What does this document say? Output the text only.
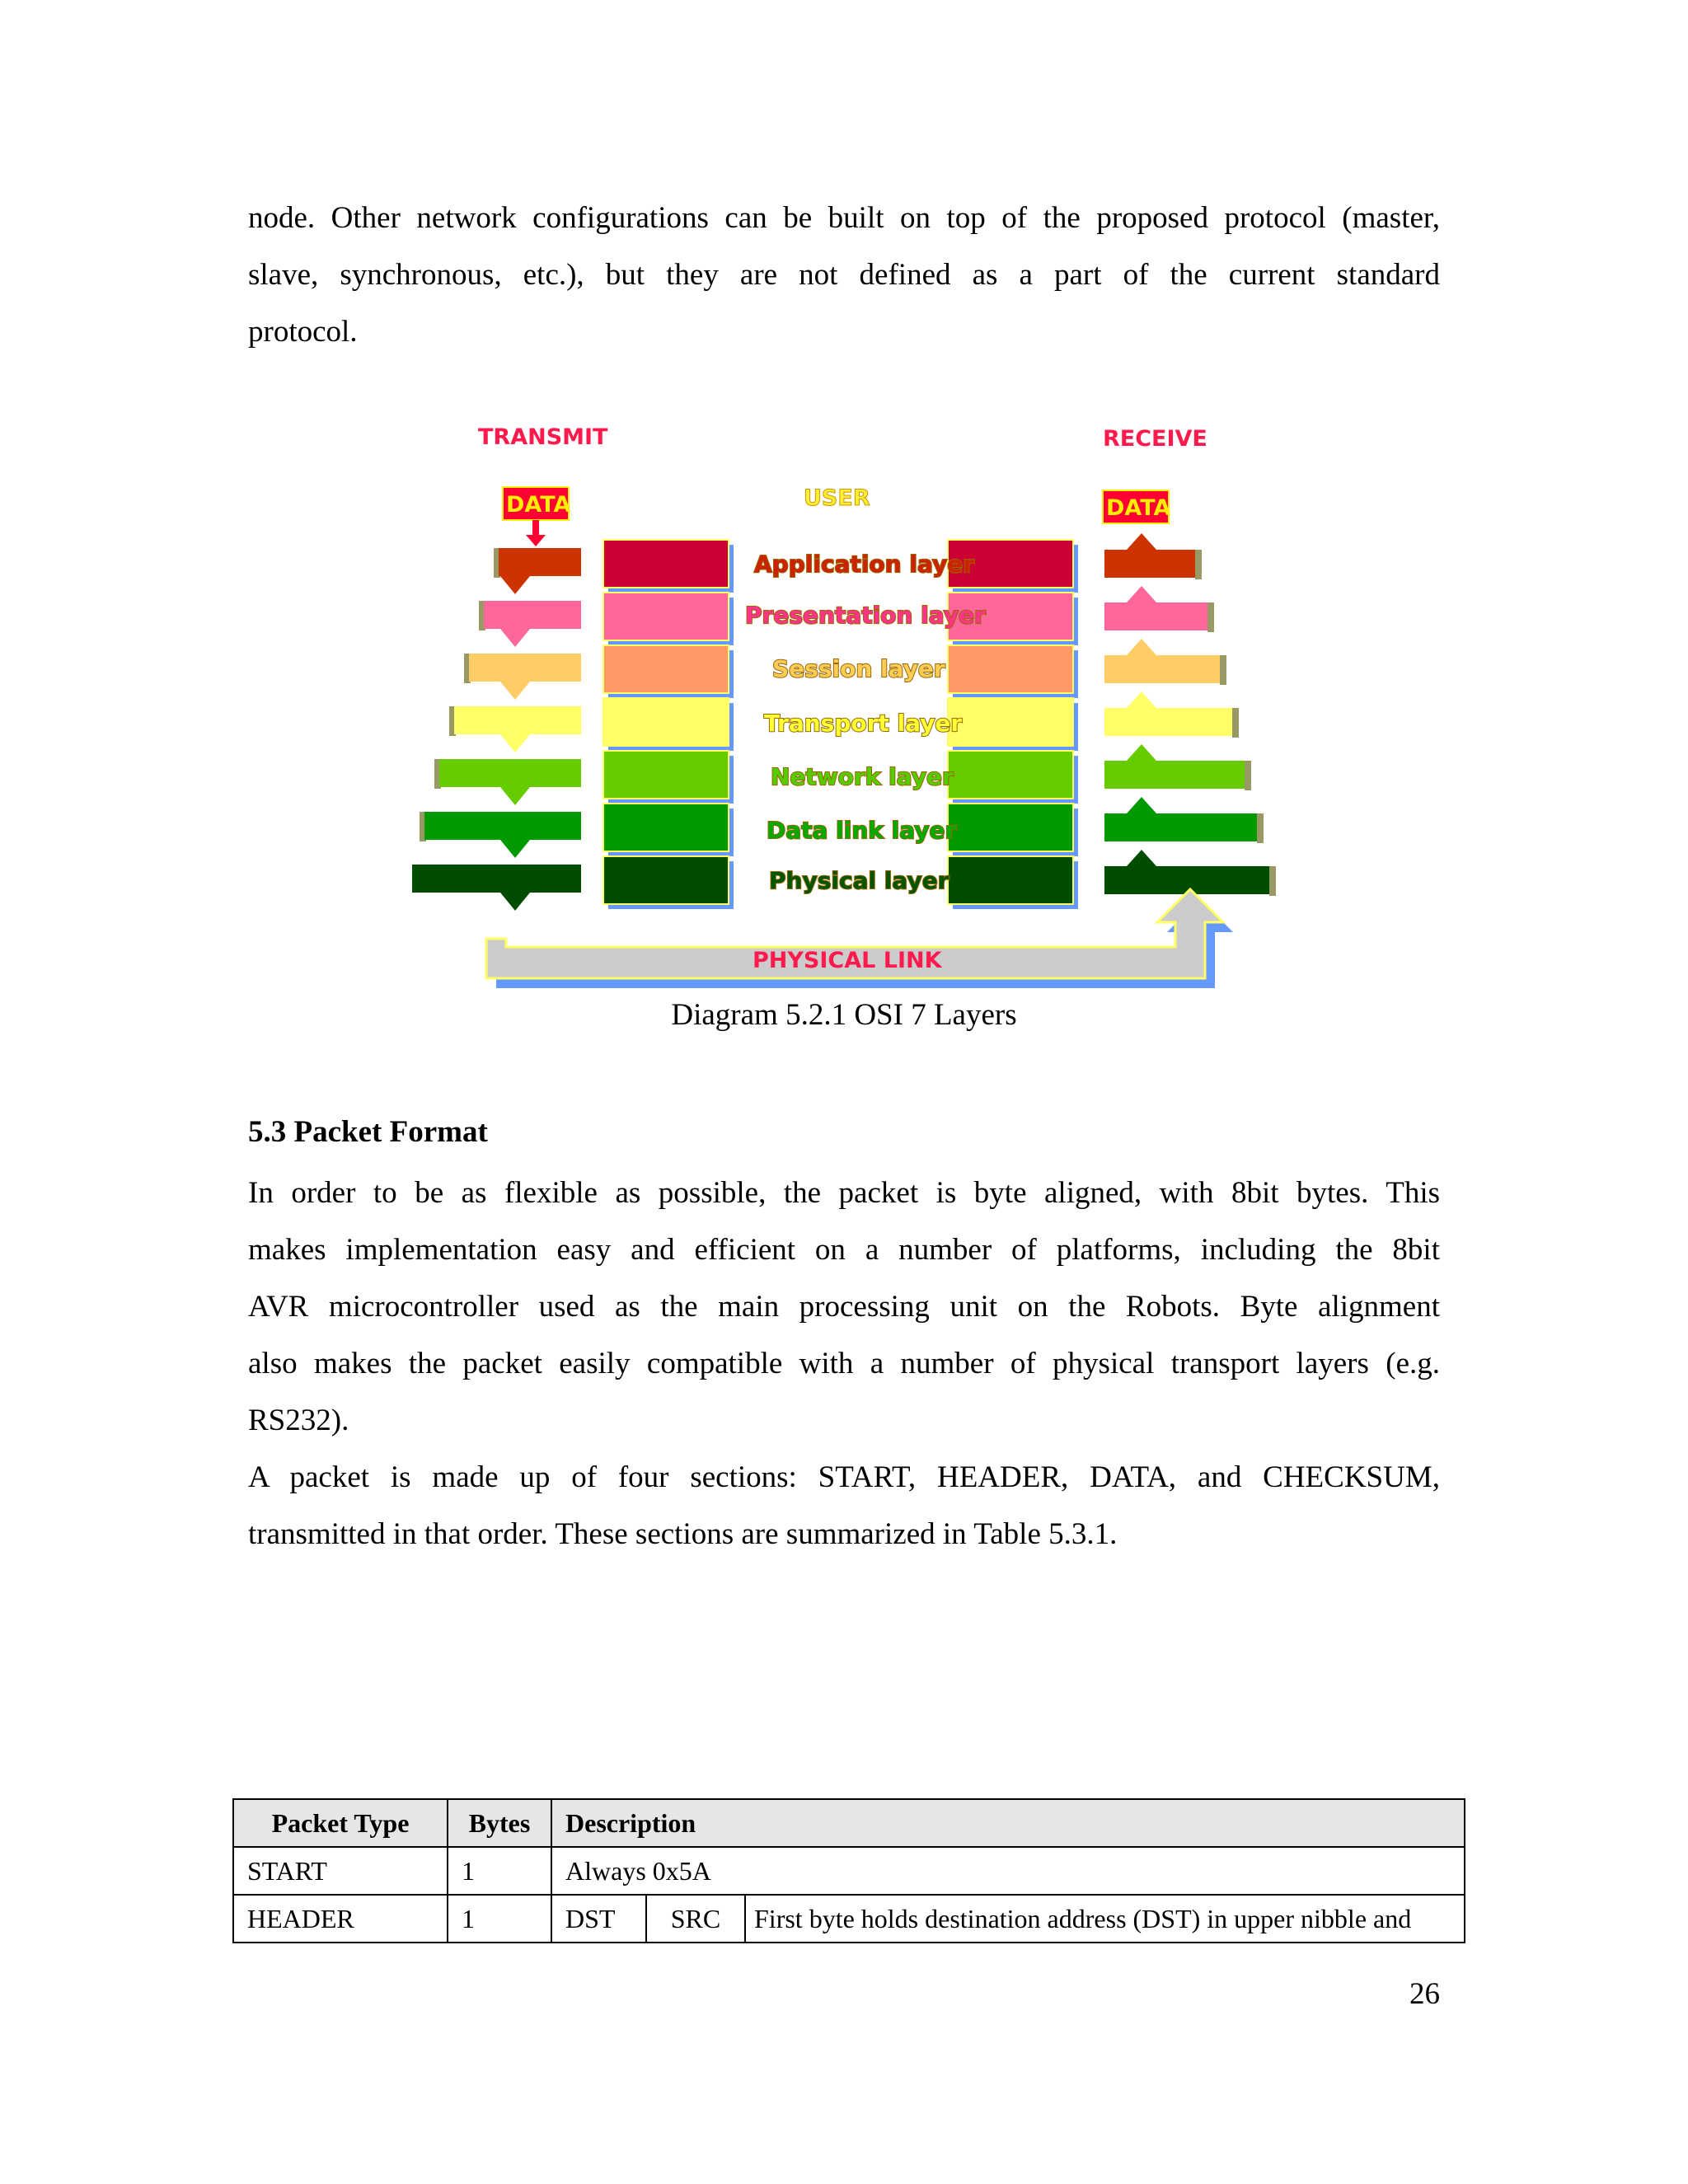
node. Other network configurations can be built on top of the proposed protocol (master,
slave, synchronous, etc.), but they are not defined as a part of the current standard
protocol.
TRANSMIT	RECEIVE
USER
DATA	DATA
Application layer
Presentation layer
Session layer
Transport layer
Network layer
Data link layer
Physical layer
PHYSICAL LINK
Diagram 5.2.1 OSI 7 Layers
5.3 Packet Format
In order to be as flexible as possible, the packet is byte aligned, with 8bit bytes. This
makes implementation easy and efficient on a number of platforms, including the 8bit
AVR microcontroller used as the main processing unit on the Robots. Byte alignment
also makes the packet easily compatible with a number of physical transport layers (e.g.
RS232).
A packet is made up of four sections: START, HEADER, DATA, and CHECKSUM,
transmitted in that order. These sections are summarized in Table 5.3.1.
Packet Type	Bytes	Description		
START	1	Always 0x5A		
HEADER	1	DST	SRC	First byte holds destination address (DST) in upper nibble and
26
